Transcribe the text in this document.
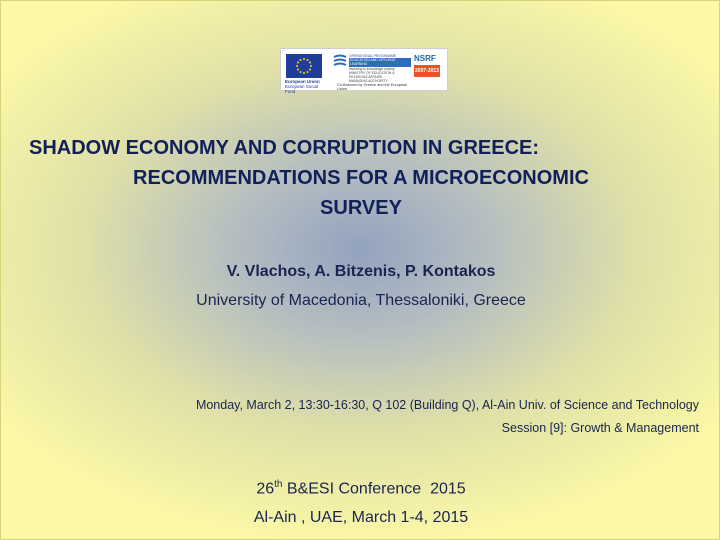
European Union
European Social Fund
OPERATIONAL PROGRAMME
EDUCATION AND LIFELONG LEARNING
investing in knowledge society
MINISTRY OF EDUCATION & RELIGIOUS AFFAIRS
MANAGING AUTHORITY
Co-financed by Greece and the European Union
NSRF
2007-2013
SHADOW ECONOMY AND CORRUPTION IN GREECE:
RECOMMENDATIONS FOR A MICROECONOMIC
SURVEY
V. Vlachos, A. Bitzenis, P. Kontakos
University of Macedonia, Thessaloniki, Greece
Monday, March 2, 13:30-16:30, Q 102 (Building Q), Al-Ain Univ. of Science and Technology
Session [9]: Growth & Management
26th B&ESI Conference  2015
Al-Ain , UAE, March 1-4, 2015
